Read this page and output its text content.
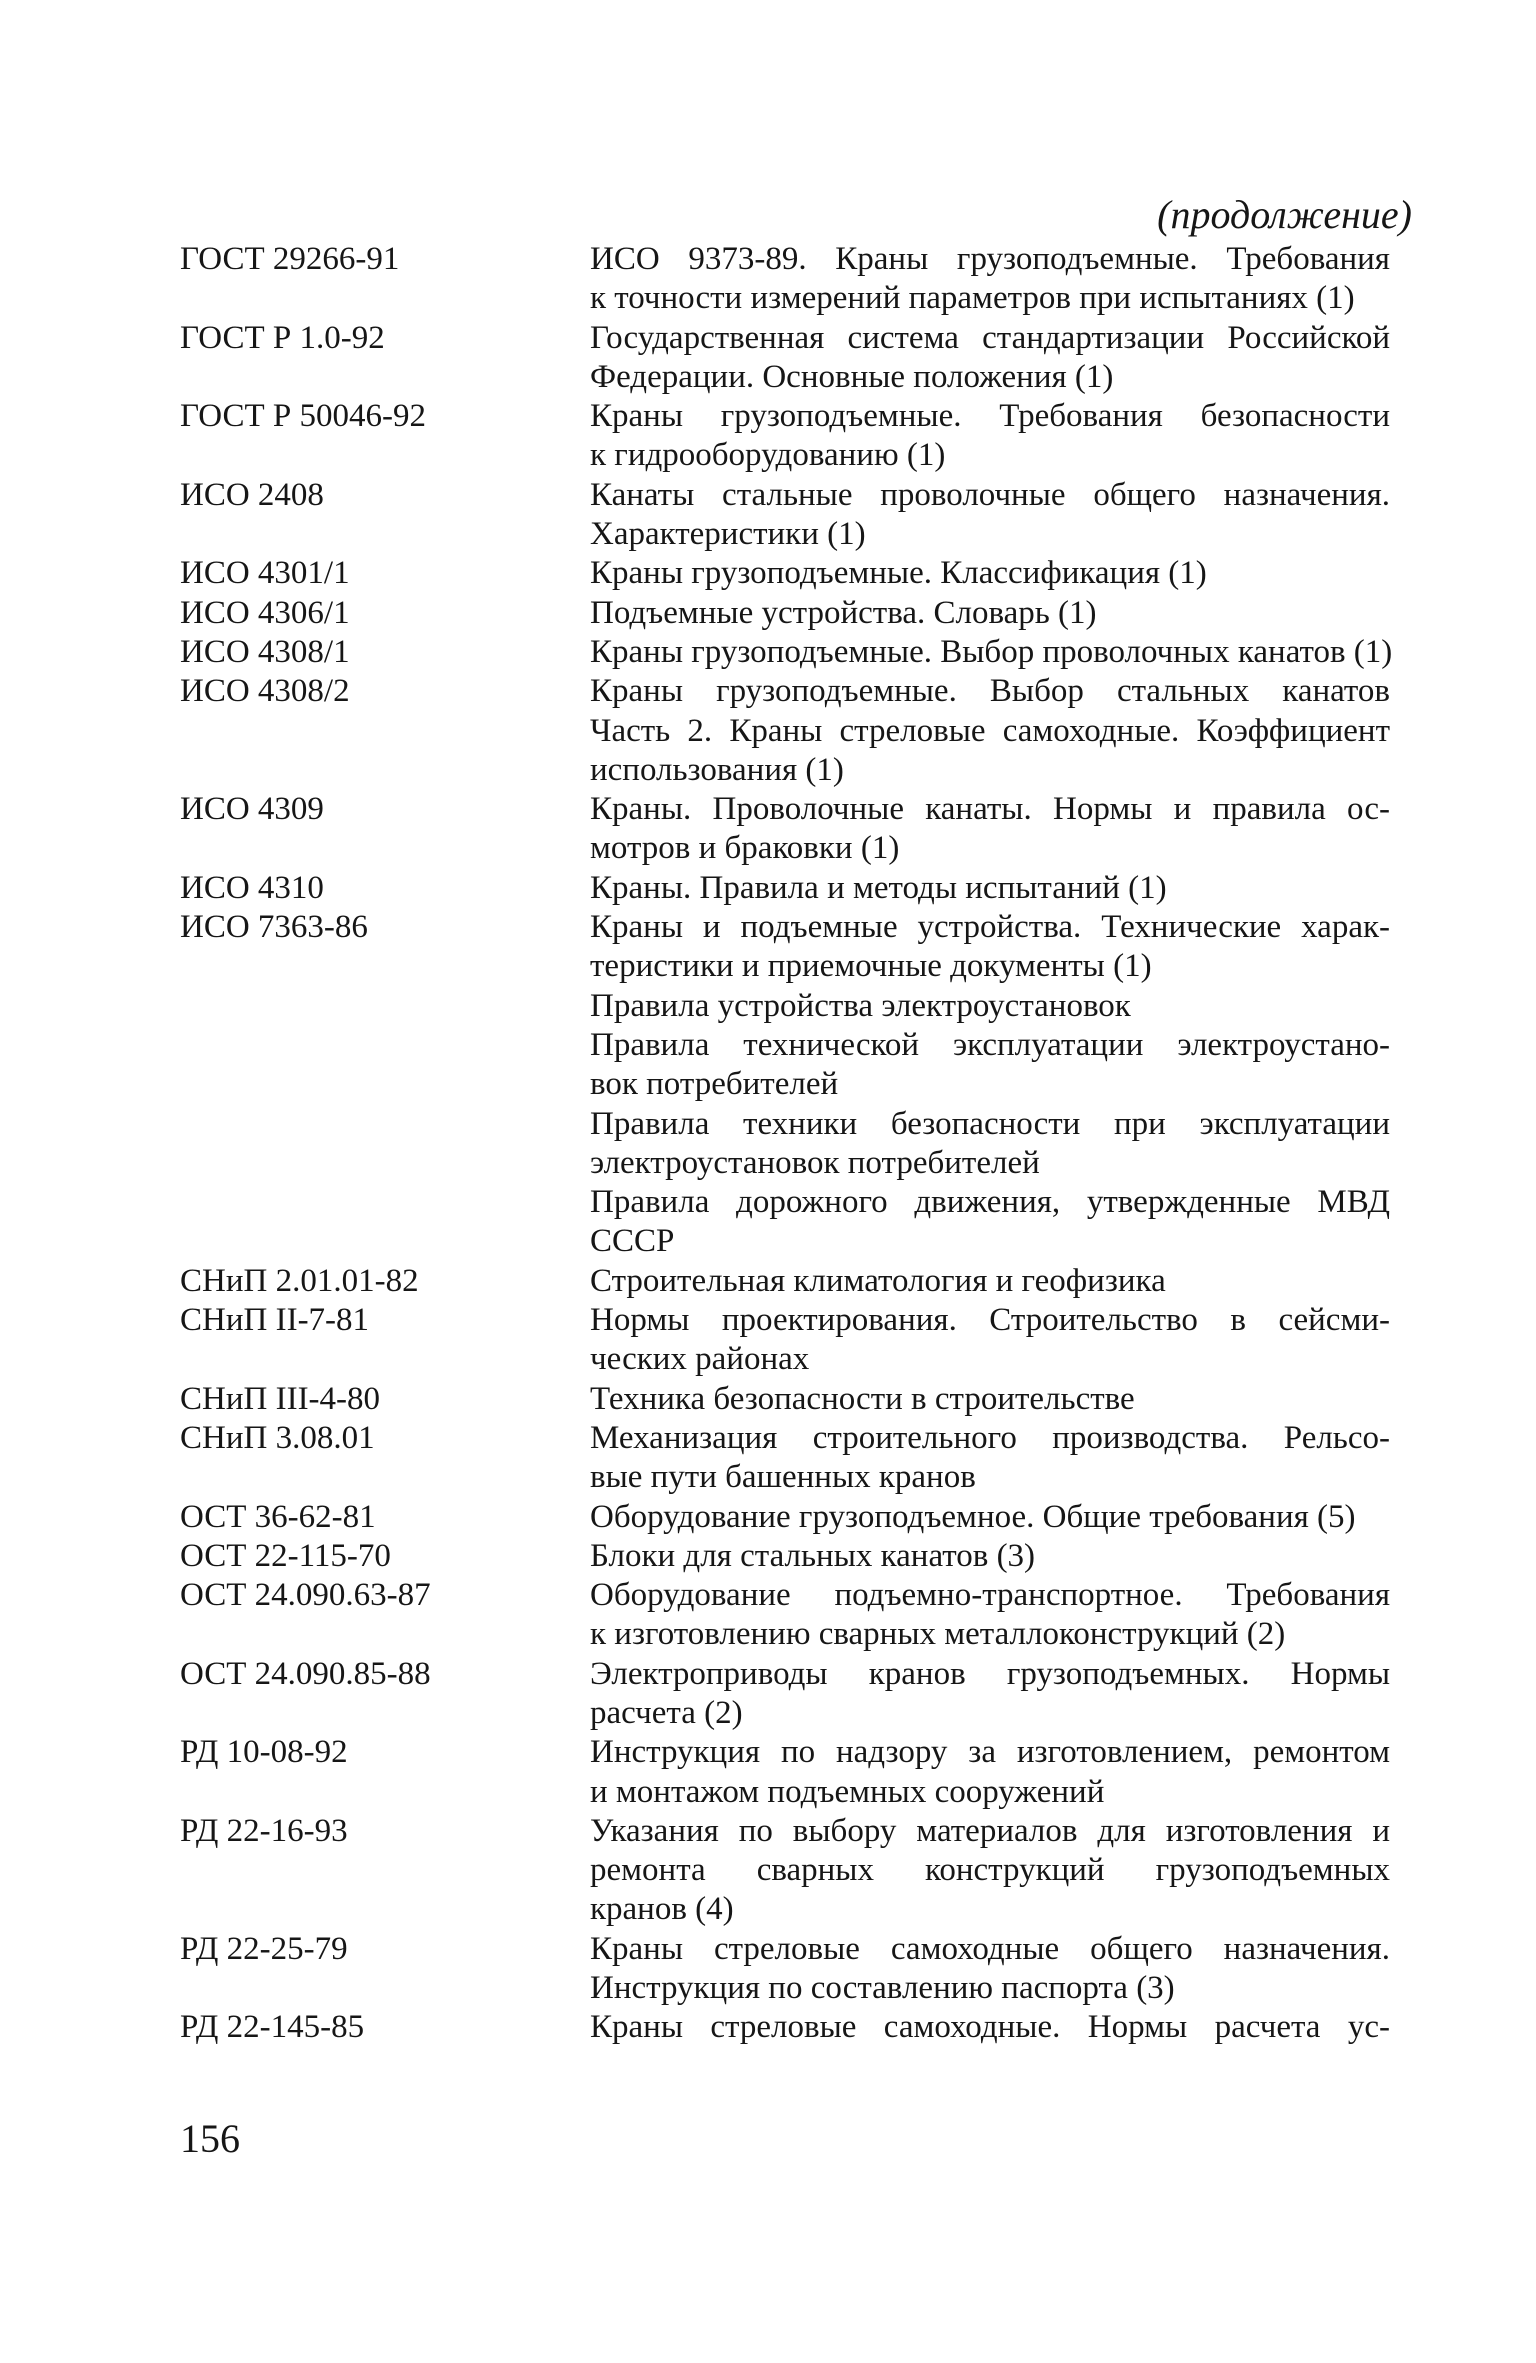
(продолжение)
ГОСТ 29266-91	ИСО 9373-89. Краны грузоподъемные. Требования
к точности измерений параметров при испытаниях (1)
ГОСТ Р 1.0-92	Государственная система стандартизации Российской
Федерации. Основные положения (1)
ГОСТ Р 50046-92	Краны грузоподъемные. Требования безопасности
к гидрооборудованию (1)
ИСО 2408	Канаты стальные проволочные общего назначения.
Характеристики (1)
ИСО 4301/1	Краны грузоподъемные. Классификация (1)
ИСО 4306/1	Подъемные устройства. Словарь (1)
ИСО 4308/1	Краны грузоподъемные. Выбор проволочных канатов (1)
ИСО 4308/2	Краны грузоподъемные. Выбор стальных канатов
Часть 2. Краны стреловые самоходные. Коэффициент
использования (1)
ИСО 4309	Краны. Проволочные канаты. Нормы и правила ос-
мотров и браковки (1)
ИСО 4310	Краны. Правила и методы испытаний (1)
ИСО 7363-86	Краны и подъемные устройства. Технические харак-
теристики и приемочные документы (1)
Правила устройства электроустановок
Правила технической эксплуатации электроустано-
вок потребителей
Правила техники безопасности при эксплуатации
электроустановок потребителей
Правила дорожного движения, утвержденные МВД
СССР
СНиП 2.01.01-82	Строительная климатология и геофизика
СНиП II-7-81	Нормы проектирования. Строительство в сейсми-
ческих районах
СНиП III-4-80	Техника безопасности в строительстве
СНиП 3.08.01	Механизация строительного производства. Рельсо-
вые пути башенных кранов
ОСТ 36-62-81	Оборудование грузоподъемное. Общие требования (5)
ОСТ 22-115-70	Блоки для стальных канатов (3)
ОСТ 24.090.63-87	Оборудование подъемно-транспортное. Требования
к изготовлению сварных металлоконструкций (2)
ОСТ 24.090.85-88	Электроприводы кранов грузоподъемных. Нормы
расчета (2)
РД 10-08-92	Инструкция по надзору за изготовлением, ремонтом
и монтажом подъемных сооружений
РД 22-16-93	Указания по выбору материалов для изготовления и
ремонта сварных конструкций грузоподъемных
кранов (4)
РД 22-25-79	Краны стреловые самоходные общего назначения.
Инструкция по составлению паспорта (3)
РД 22-145-85	Краны стреловые самоходные. Нормы расчета ус-
156
